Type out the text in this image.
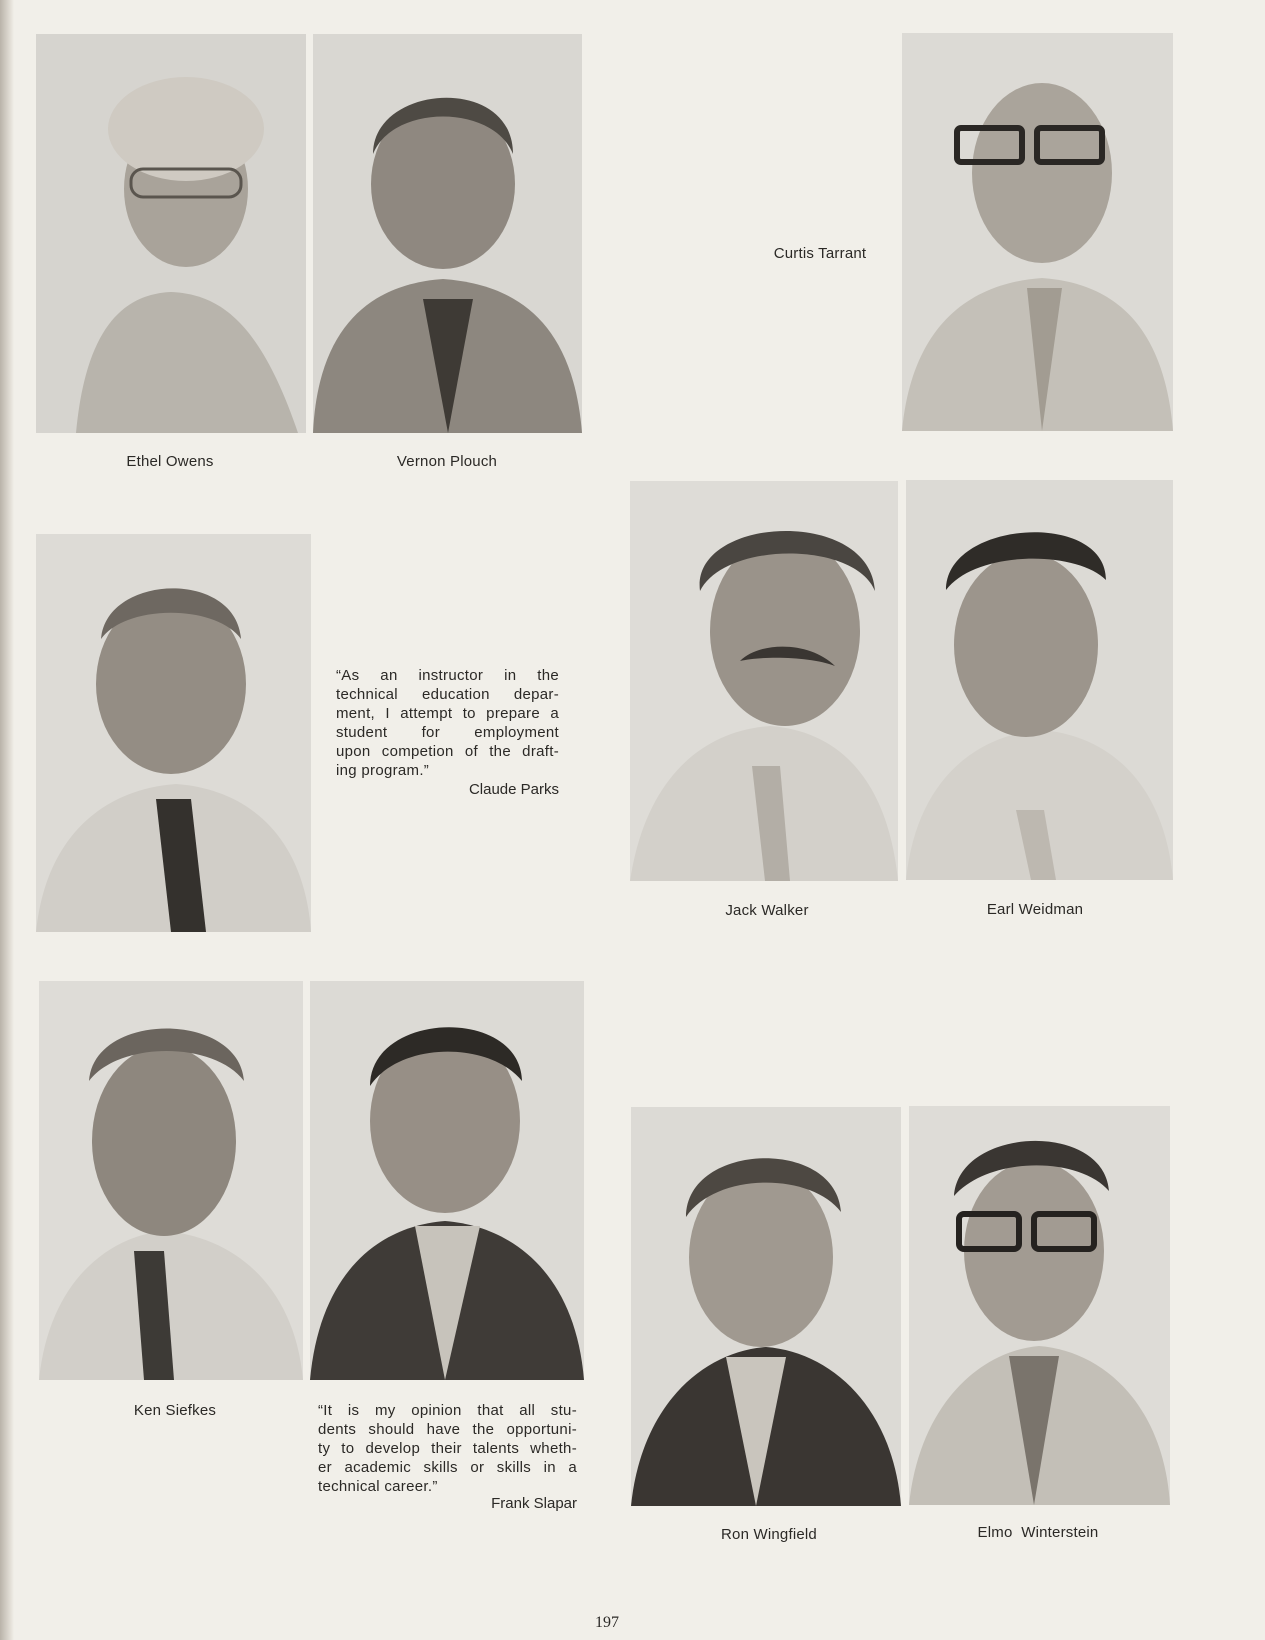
Ethel Owens	Vernon Plouch
Curtis Tarrant
“As an instructor in the
technical education depar-
ment, I attempt to prepare a
student for employment
upon competion of the draft-
ing program.”
Claude Parks
Jack Walker	Earl Weidman
Ken Siefkes	“It is my opinion that all stu-
dents should have the opportuni-
ty to develop their talents wheth-
er academic skills or skills in a
technical career.”
Frank Slapar
Ron Wingfield	Elmo  Winterstein
197
